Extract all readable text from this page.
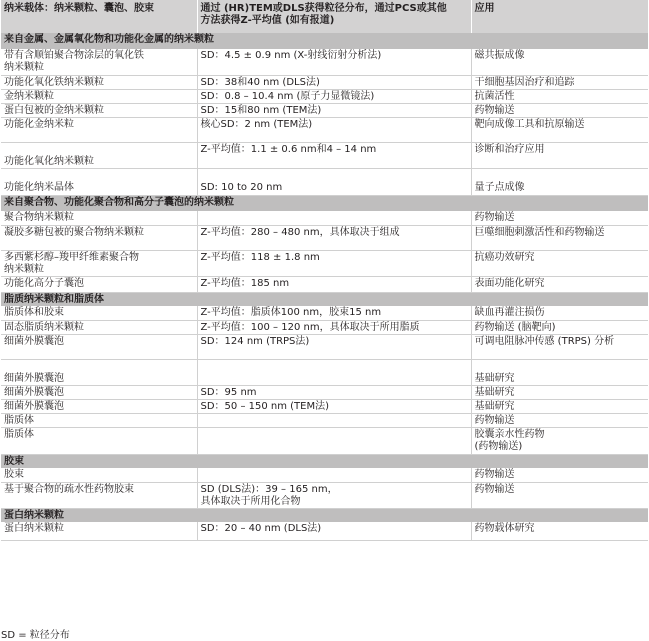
纳米载体：纳米颗粒、囊泡、胶束	通过 (HR)TEM或DLS获得粒径分布，通过PCS或其他
方法获得Z-平均值 (如有报道)	应用
来自金属、金属氧化物和功能化金属的纳米颗粒		
带有含顺铂聚合物涂层的氧化铁
纳米颗粒	SD：4.5 ± 0.9 nm (X-射线衍射分析法)	磁共振成像
功能化氧化铁纳米颗粒	SD：38和40 nm (DLS法)	干细胞基因治疗和追踪
金纳米颗粒	SD：0.8 – 10.4 nm (原子力显微镜法)	抗菌活性
蛋白包被的金纳米颗粒	SD：15和80 nm (TEM法)	药物输送
功能化金纳米粒	核心SD：2 nm (TEM法)	靶向成像工具和抗原输送

功能化氧化纳米颗粒	Z-平均值：1.1 ± 0.6 nm和4 – 14 nm	诊断和治疗应用

功能化纳米晶体	SD: 10 to 20 nm	量子点成像
来自聚合物、功能化聚合物和高分子囊泡的纳米颗粒		
聚合物纳米颗粒		药物输送
凝胶多糖包被的聚合物纳米颗粒	Z-平均值：280 – 480 nm，具体取决于组成	巨噬细胞刺激活性和药物输送
多西紫杉醇–羧甲纤维素聚合物
纳米颗粒	Z-平均值：118 ± 1.8 nm	抗癌功效研究
功能化高分子囊泡	Z-平均值：185 nm	表面功能化研究
脂质纳米颗粒和脂质体		
脂质体和胶束	Z-平均值：脂质体100 nm，胶束15 nm	缺血再灌注损伤
固态脂质纳米颗粒	Z-平均值：100 – 120 nm，具体取决于所用脂质	药物输送 (脑靶向)
细菌外膜囊泡	SD：124 nm (TRPS法)	可调电阻脉冲传感 (TRPS) 分析

细菌外膜囊泡		基础研究
细菌外膜囊泡	SD：95 nm	基础研究
细菌外膜囊泡	SD：50 – 150 nm (TEM法)	基础研究
脂质体		药物输送
脂质体		胶囊亲水性药物
(药物输送)
胶束		
胶束		药物输送
基于聚合物的疏水性药物胶束	SD (DLS法)：39 – 165 nm，
具体取决于所用化合物	药物输送
蛋白纳米颗粒		
蛋白纳米颗粒	SD：20 – 40 nm (DLS法)	药物载体研究
SD = 粒径分布
